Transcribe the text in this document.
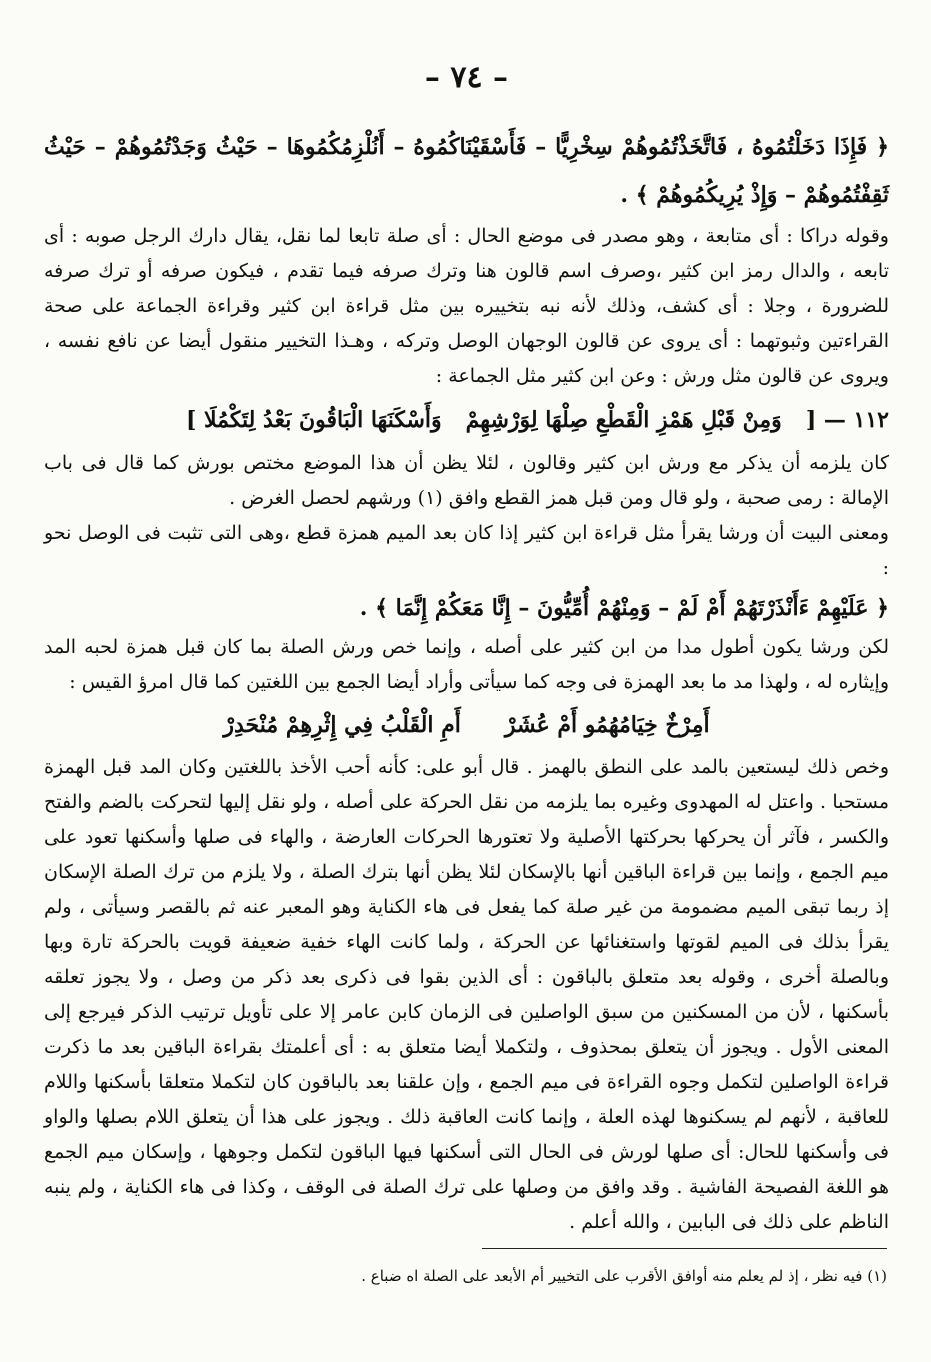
– ٧٤ –

﴿ فَإِذَا دَخَلْتُمُوهُ ، فَاتَّخَذْتُمُوهُمْ سِخْرِيًّا – فَأَسْقَيْنَاكُمُوهُ – أَنُلْزِمُكُمُوهَا – حَيْثُ وَجَدْتُمُوهُمْ – حَيْثُ ثَقِفْتُمُوهُمْ – وَإِذْ يُرِيكُمُوهُمْ ﴾ .

وقوله دراكا : أى متابعة ، وهو مصدر فى موضع الحال : أى صلة تابعا لما نقل، يقال دارك الرجل صوبه : أى تابعه ، والدال رمز ابن كثير ،وصرف اسم قالون هنا وترك صرفه فيما تقدم ، فيكون صرفه أو ترك صرفه للضرورة ، وجلا : أى كشف، وذلك لأنه نبه بتخييره بين مثل قراءة ابن كثير وقراءة الجماعة على صحة القراءتين وثبوتهما : أى يروى عن قالون الوجهان الوصل وتركه ، وهـذا التخيير منقول أيضا عن نافع نفسه ، ويروى عن قالون مثل ورش : وعن ابن كثير مثل الجماعة :

١١٢ — [
وَمِنْ قَبْلِ هَمْزِ الْقَطْعِ صِلْهَا لِوَرْشِهِمْ
وَأَسْكَنَهَا الْبَاقُونَ بَعْدُ لِتَكْمُلَا ]

كان يلزمه أن يذكر مع ورش ابن كثير وقالون ، لئلا يظن أن هذا الموضع مختص بورش كما قال فى باب الإمالة : رمى صحبة ، ولو قال ومن قبل همز القطع وافق (١) ورشهم لحصل الغرض .

ومعنى البيت أن ورشا يقرأ مثل قراءة ابن كثير إذا كان بعد الميم همزة قطع ،وهى التى تثبت فى الوصل نحو :

﴿ عَلَيْهِمْ ءَأَنْذَرْتَهُمْ أَمْ لَمْ – وَمِنْهُمْ أُمِّيُّونَ – إِنَّا مَعَكُمْ إِنَّمَا ﴾ .

لكن ورشا يكون أطول مدا من ابن كثير على أصله ، وإنما خص ورش الصلة بما كان قبل همزة لحبه المد وإيثاره له ، ولهذا مد ما بعد الهمزة فى وجه كما سيأتى وأراد أيضا الجمع بين اللغتين كما قال امرؤ القيس :

أَمِرْخٌ خِيَامُهُمُو أَمْ عُشَرْ
أَمِ الْقَلْبُ فِي إِثْرِهِمْ مُنْحَدِرْ

وخص ذلك ليستعين بالمد على النطق بالهمز . قال أبو على: كأنه أحب الأخذ باللغتين وكان المد قبل الهمزة مستحبا . واعتل له المهدوى وغيره بما يلزمه من نقل الحركة على أصله ، ولو نقل إليها لتحركت بالضم والفتح والكسر ، فآثر أن يحركها بحركتها الأصلية ولا تعتورها الحركات العارضة ، والهاء فى صلها وأسكنها تعود على ميم الجمع ، وإنما بين قراءة الباقين أنها بالإسكان لئلا يظن أنها بترك الصلة ، ولا يلزم من ترك الصلة الإسكان إذ ربما تبقى الميم مضمومة من غير صلة كما يفعل فى هاء الكناية وهو المعبر عنه ثم بالقصر وسيأتى ، ولم يقرأ بذلك فى الميم لقوتها واستغنائها عن الحركة ، ولما كانت الهاء خفية ضعيفة قويت بالحركة تارة وبها وبالصلة أخرى ، وقوله بعد متعلق بالباقون : أى الذين بقوا فى ذكرى بعد ذكر من وصل ، ولا يجوز تعلقه بأسكنها ، لأن من المسكنين من سبق الواصلين فى الزمان كابن عامر إلا على تأويل ترتيب الذكر فيرجع إلى المعنى الأول . ويجوز أن يتعلق بمحذوف ، ولتكملا أيضا متعلق به : أى أعلمتك بقراءة الباقين بعد ما ذكرت قراءة الواصلين لتكمل وجوه القراءة فى ميم الجمع ، وإن علقنا بعد بالباقون كان لتكملا متعلقا بأسكنها واللام للعاقبة ، لأنهم لم يسكنوها لهذه العلة ، وإنما كانت العاقبة ذلك . ويجوز على هذا أن يتعلق اللام بصلها والواو فى وأسكنها للحال: أى صلها لورش فى الحال التى أسكنها فيها الباقون لتكمل وجوهها ، وإسكان ميم الجمع هو اللغة الفصيحة الفاشية . وقد وافق من وصلها على ترك الصلة فى الوقف ، وكذا فى هاء الكناية ، ولم ينبه الناظم على ذلك فى البابين ، والله أعلم .

(١) فيه نظر ، إذ لم يعلم منه أوافق الأقرب على التخيير أم الأبعد على الصلة اه ضباع .
